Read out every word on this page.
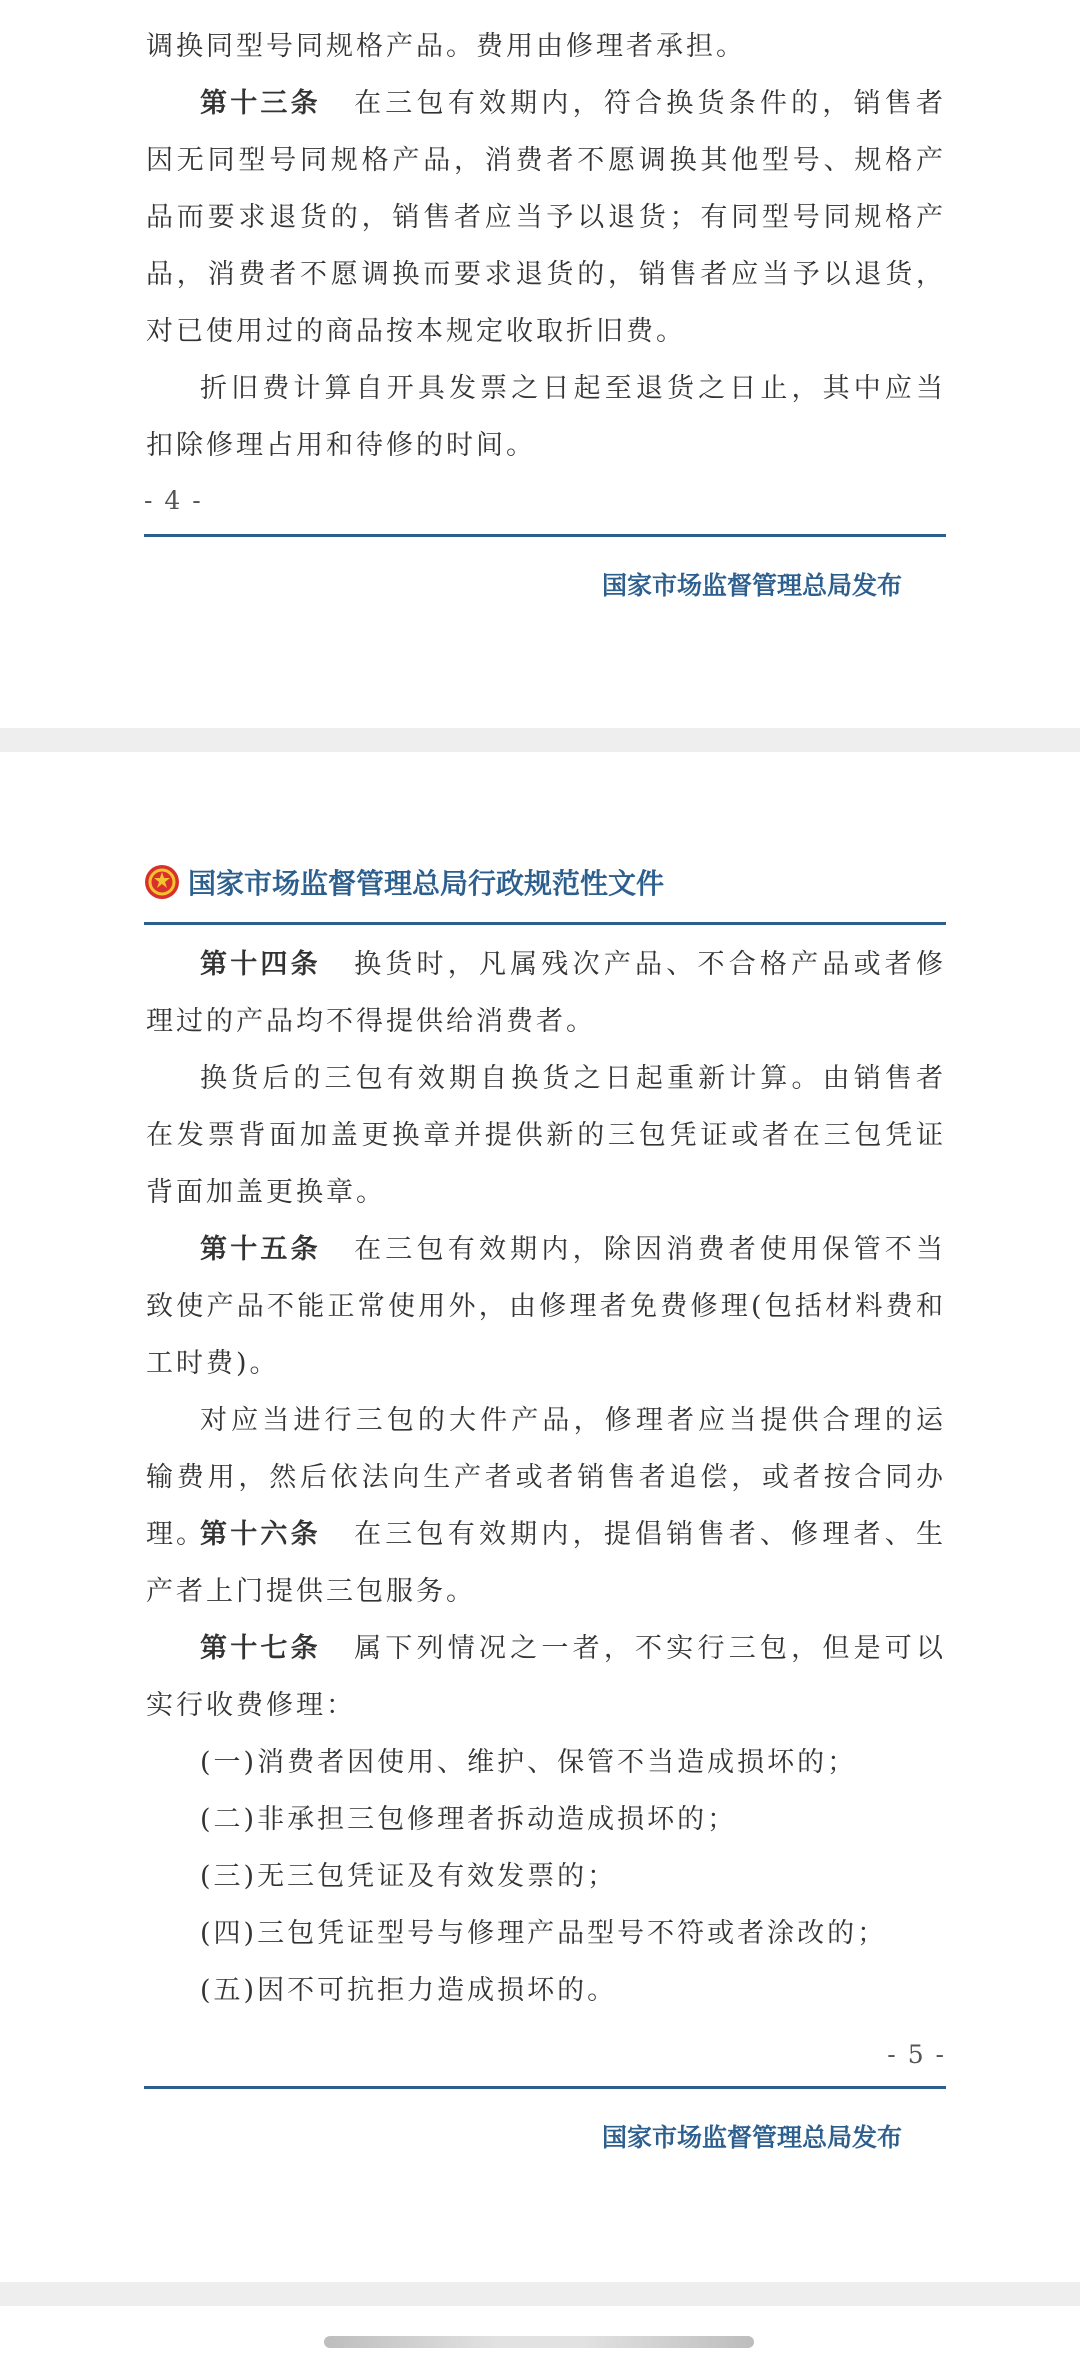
调换同型号同规格产品。费用由修理者承担。

第十三条 在三包有效期内，符合换货条件的，销售者因无同型号同规格产品，消费者不愿调换其他型号、规格产品而要求退货的，销售者应当予以退货；有同型号同规格产品，消费者不愿调换而要求退货的，销售者应当予以退货，对已使用过的商品按本规定收取折旧费。

折旧费计算自开具发票之日起至退货之日止，其中应当扣除修理占用和待修的时间。

- 4 -
国家市场监督管理总局发布
国家市场监督管理总局行政规范性文件

第十四条 换货时，凡属残次产品、不合格产品或者修理过的产品均不得提供给消费者。

换货后的三包有效期自换货之日起重新计算。由销售者在发票背面加盖更换章并提供新的三包凭证或者在三包凭证背面加盖更换章。

第十五条 在三包有效期内，除因消费者使用保管不当致使产品不能正常使用外，由修理者免费修理(包括材料费和工时费)。

对应当进行三包的大件产品，修理者应当提供合理的运输费用，然后依法向生产者或者销售者追偿，或者按合同办理。

第十六条 在三包有效期内，提倡销售者、修理者、生产者上门提供三包服务。

第十七条 属下列情况之一者，不实行三包，但是可以实行收费修理：

(一)消费者因使用、维护、保管不当造成损坏的；

(二)非承担三包修理者拆动造成损坏的；

(三)无三包凭证及有效发票的；

(四)三包凭证型号与修理产品型号不符或者涂改的；

(五)因不可抗拒力造成损坏的。

- 5 -
国家市场监督管理总局发布
